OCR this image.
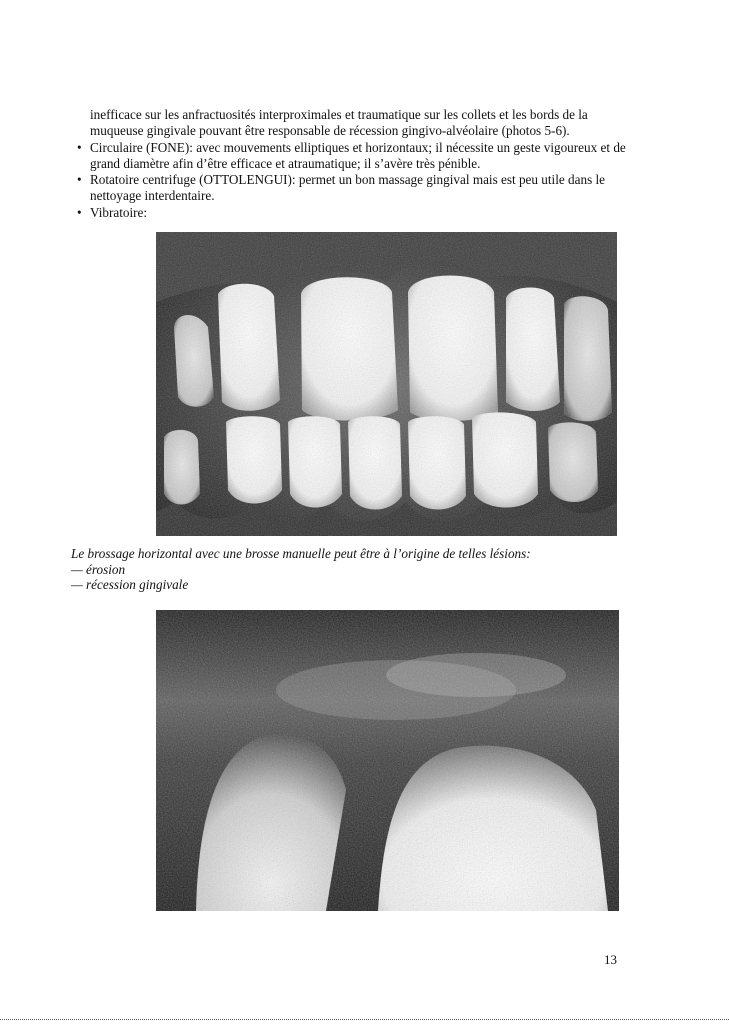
inefficace sur les anfractuosités interproximales et traumatique sur les collets et les bords de la muqueuse gingivale pouvant être responsable de récession gingivo-alvéolaire (photos 5-6).

• Circulaire (FONE): avec mouvements elliptiques et horizontaux; il nécessite un geste vigoureux et de grand diamètre afin d’être efficace et atraumatique; il s’avère très pénible.
• Rotatoire centrifuge (OTTOLENGUI): permet un bon massage gingival mais est peu utile dans le nettoyage interdentaire.
• Vibratoire:
Le brossage horizontal avec une brosse manuelle peut être à l’origine de telles lésions:
— érosion
— récession gingivale
13
